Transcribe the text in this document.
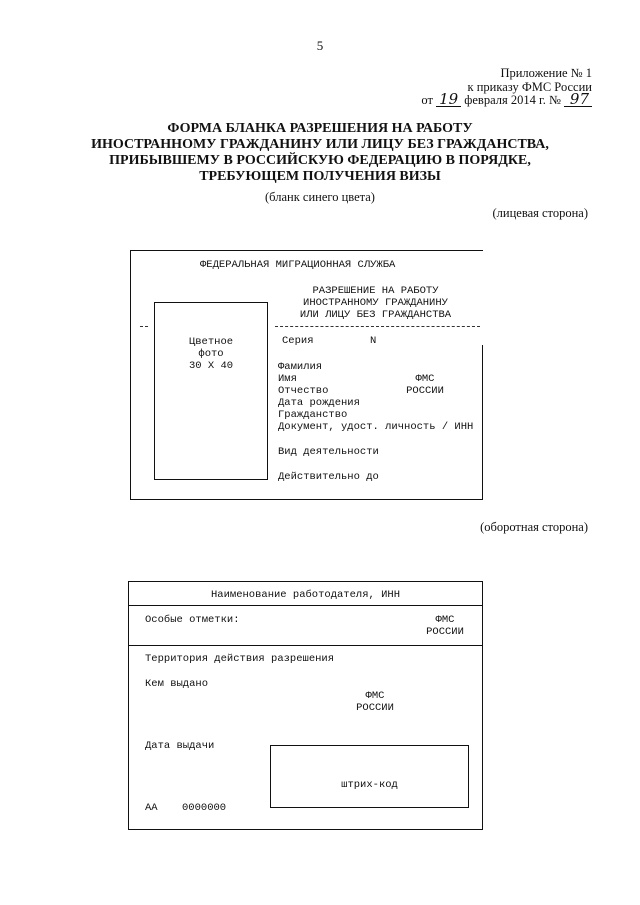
5
Приложение № 1
к приказу ФМС России
от 19 февраля 2014 г. № 97
ФОРМА БЛАНКА РАЗРЕШЕНИЯ НА РАБОТУ
ИНОСТРАННОМУ ГРАЖДАНИНУ ИЛИ ЛИЦУ БЕЗ ГРАЖДАНСТВА,
ПРИБЫВШЕМУ В РОССИЙСКУЮ ФЕДЕРАЦИЮ В ПОРЯДКЕ,
ТРЕБУЮЩЕМ ПОЛУЧЕНИЯ ВИЗЫ
(бланк синего цвета)
(лицевая сторона)
ФЕДЕРАЛЬНАЯ МИГРАЦИОННАЯ СЛУЖБА
РАЗРЕШЕНИЕ НА РАБОТУ
ИНОСТРАННОМУ ГРАЖДАНИНУ
ИЛИ ЛИЦУ БЕЗ ГРАЖДАНСТВА
Цветное
фото
30 Х 40
Серия	N
Фамилия
Имя
Отчество
Дата рождения
Гражданство
Документ, удост. личность / ИНН
ФМС
РОССИИ
Вид деятельности
Действительно до
(оборотная сторона)
Наименование работодателя, ИНН
Особые отметки:	ФМС
РОССИИ
Территория действия разрешения
Кем выдано
ФМС
РОССИИ
Дата выдачи
штрих-код
АА 0000000
